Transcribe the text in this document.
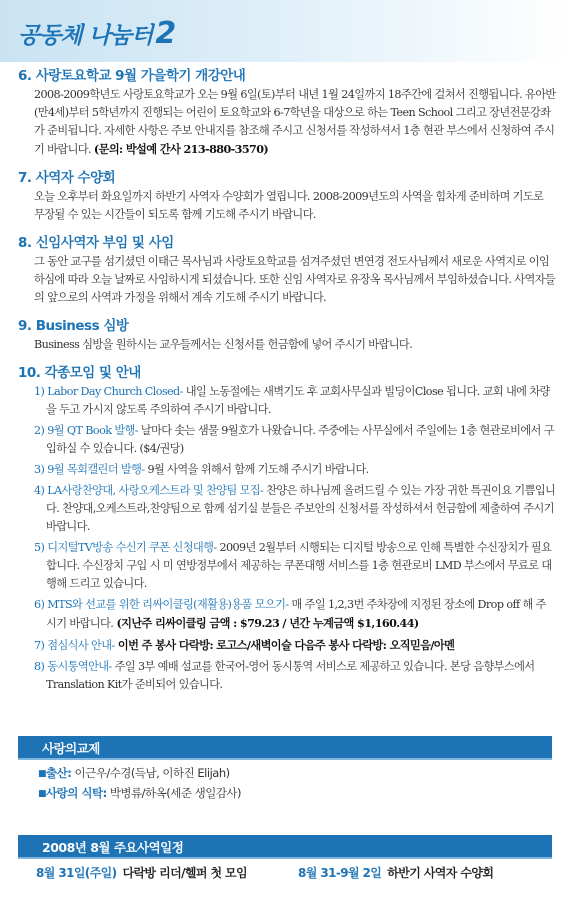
공동체 나눔터 2
6. 사랑토요학교 9월 가을학기 개강안내
2008-2009학년도 사랑토요학교가 오는 9월 6일(토)부터 내년 1월 24일까지 18주간에 걸쳐서 진행됩니다. 유아반(만4세)부터 5학년까지 진행되는 어린이 토요학교와 6-7학년을 대상으로 하는 Teen School 그리고 장년전문강좌가 준비됩니다. 자세한 사항은 주보 안내지를 참조해 주시고 신청서를 작성하셔서 1층 현관 부스에서 신청하여 주시기 바랍니다. (문의: 박설예 간사 213-880-3570)
7. 사역자 수양회
오늘 오후부터 화요일까지 하반기 사역자 수양회가 열립니다. 2008-2009년도의 사역을 힘차게 준비하며 기도로 무장될 수 있는 시간들이 되도록 함께 기도해 주시기 바랍니다.
8. 신임사역자 부임 및 사임
그 동안 교구를 섬기셨던 이태근 목사님과 사랑토요학교를 섬겨주셨던 변연경 전도사님께서 새로운 사역지로 이임하심에 따라 오늘 날짜로 사임하시게 되셨습니다. 또한 신임 사역자로 유장옥 목사님께서 부임하셨습니다. 사역자들의 앞으로의 사역과 가정을 위해서 계속 기도해 주시기 바랍니다.
9. Business 심방
Business 심방을 원하시는 교우들께서는 신청서를 헌금함에 넣어 주시기 바랍니다.
10. 각종모임 및 안내
1) Labor Day Church Closed- 내일 노동절에는 새벽기도 후 교회사무실과 빌딩이Close 됩니다. 교회 내에 차량을 두고 가시지 않도록 주의하여 주시기 바랍니다.
2) 9월 QT Book 발행- 날마다 솟는 샘물 9월호가 나왔습니다. 주중에는 사무실에서 주일에는 1층 현관로비에서 구입하실 수 있습니다. ($4/권당)
3) 9월 목회캘린더 발행- 9월 사역을 위해서 함께 기도해 주시기 바랍니다.
4) LA사랑찬양대, 사랑오케스트라 및 찬양팀 모집- 찬양은 하나님께 올려드릴 수 있는 가장 귀한 특권이요 기쁨입니다. 찬양대,오케스트라,찬양팀으로 함께 섬기실 분들은 주보안의 신청서를 작성하셔서 헌금함에 제출하여 주시기 바랍니다.
5) 디지털TV방송 수신기 쿠폰 신청대행- 2009년 2월부터 시행되는 디지털 방송으로 인해 특별한 수신장치가 필요합니다. 수신장치 구입 시 미 연방정부에서 제공하는 쿠폰대행 서비스를 1층 현관로비 LMD 부스에서 무료로 대행해 드리고 있습니다.
6) MTS와 선교를 위한 리싸이클링(재활용)용품 모으기- 매 주일 1,2,3번 주차장에 지정된 장소에 Drop off 해 주시기 바랍니다. (지난주 리싸이클링 금액 : $79.23 / 년간 누계금액 $1,160.44)
7) 점심식사 안내- 이번 주 봉사 다락방: 로고스/새벽이슬 다음주 봉사 다락방: 오직믿음/아멘
8) 동시통역안내- 주일 3부 예배 설교를 한국어-영어 동시통역 서비스로 제공하고 있습니다. 본당 음향부스에서 Translation Kit가 준비되어 있습니다.
사랑의교제
■출산: 이근우/수경(득남, 이하진 Elijah)
■사랑의 식탁: 박병류/하옥(세준 생일감사)
2008년 8월 주요사역일정
8월 31일(주일) 다락방 리더/헬퍼 첫 모임	8월 31-9월 2일 하반기 사역자 수양회
